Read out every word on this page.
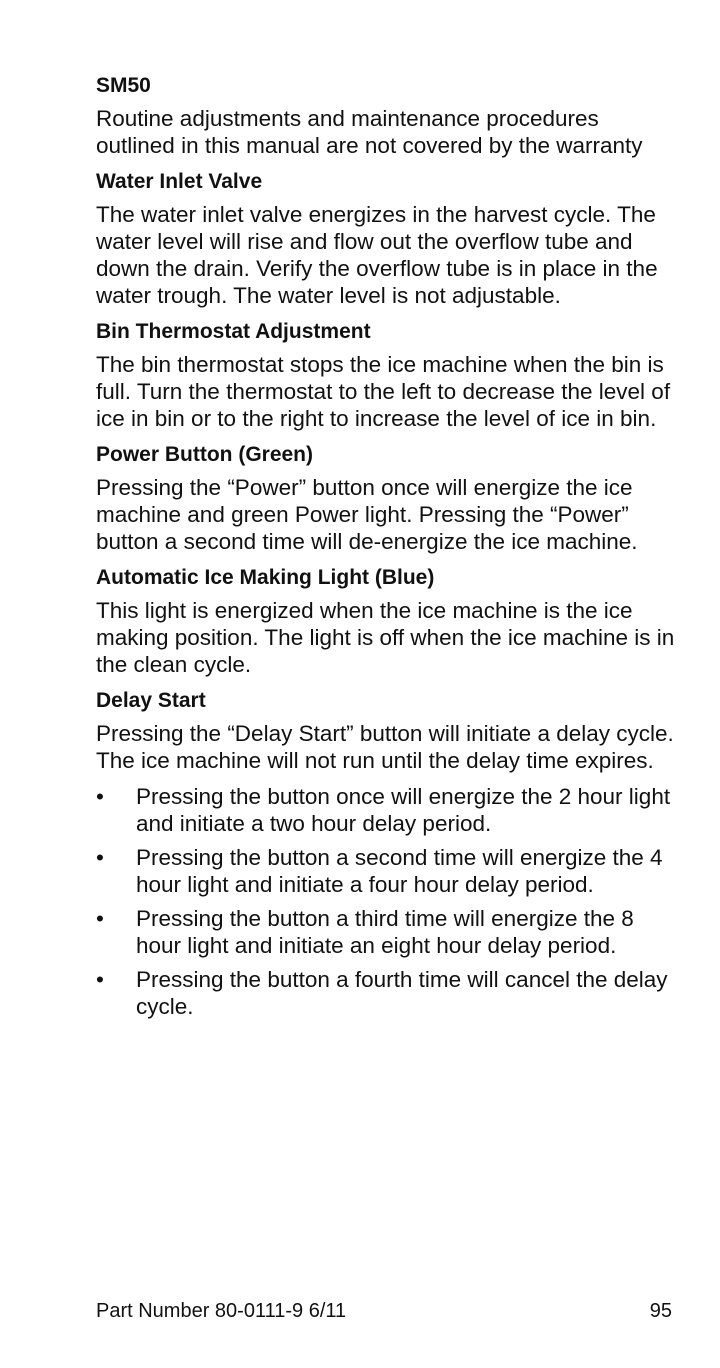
SM50
Routine adjustments and maintenance procedures outlined in this manual are not covered by the warranty
Water Inlet Valve
The water inlet valve energizes in the harvest cycle. The water level will rise and flow out the overflow tube and down the drain. Verify the overflow tube is in place in the water trough. The water level is not adjustable.
Bin Thermostat Adjustment
The bin thermostat stops the ice machine when the bin is full. Turn the thermostat to the left to decrease the level of ice in bin or to the right to increase the level of ice in bin.
Power Button (Green)
Pressing the “Power” button once will energize the ice machine and green Power light. Pressing the “Power” button a second time will de-energize the ice machine.
Automatic Ice Making Light (Blue)
This light is energized when the ice machine is the ice making position. The light is off when the ice machine is in the clean cycle.
Delay Start
Pressing the “Delay Start” button will initiate a delay cycle. The ice machine will not run until the delay time expires.
• Pressing the button once will energize the 2 hour light and initiate a two hour delay period.
• Pressing the button a second time will energize the 4 hour light and initiate a four hour delay period.
• Pressing the button a third time will energize the 8 hour light and initiate an eight hour delay period.
• Pressing the button a fourth time will cancel the delay cycle.
Part Number 80-0111-9 6/11	95
